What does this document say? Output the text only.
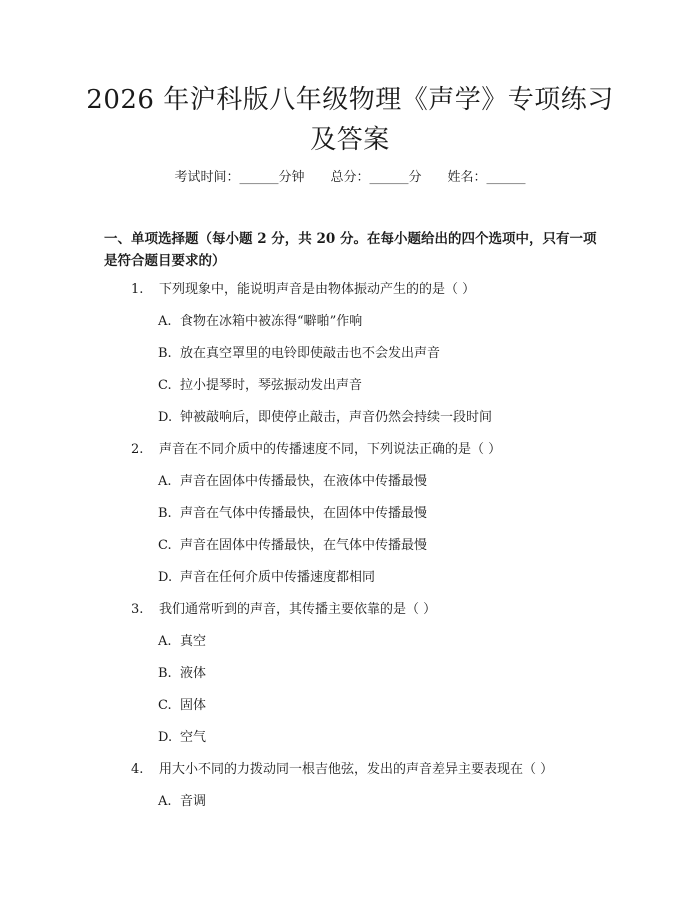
2026 年沪科版八年级物理《声学》专项练习
及答案
考试时间：______分钟 总分：______分 姓名：______
一、单项选择题（每小题 2 分，共 20 分。在每小题给出的四个选项中，只有一项
是符合题目要求的）
1. 下列现象中，能说明声音是由物体振动产生的的是（ ）
A. 食物在冰箱中被冻得“噼啪”作响
B. 放在真空罩里的电铃即使敲击也不会发出声音
C. 拉小提琴时，琴弦振动发出声音
D. 钟被敲响后，即使停止敲击，声音仍然会持续一段时间
2. 声音在不同介质中的传播速度不同，下列说法正确的是（ ）
A. 声音在固体中传播最快，在液体中传播最慢
B. 声音在气体中传播最快，在固体中传播最慢
C. 声音在固体中传播最快，在气体中传播最慢
D. 声音在任何介质中传播速度都相同
3. 我们通常听到的声音，其传播主要依靠的是（ ）
A. 真空
B. 液体
C. 固体
D. 空气
4. 用大小不同的力拨动同一根吉他弦，发出的声音差异主要表现在（ ）
A. 音调
